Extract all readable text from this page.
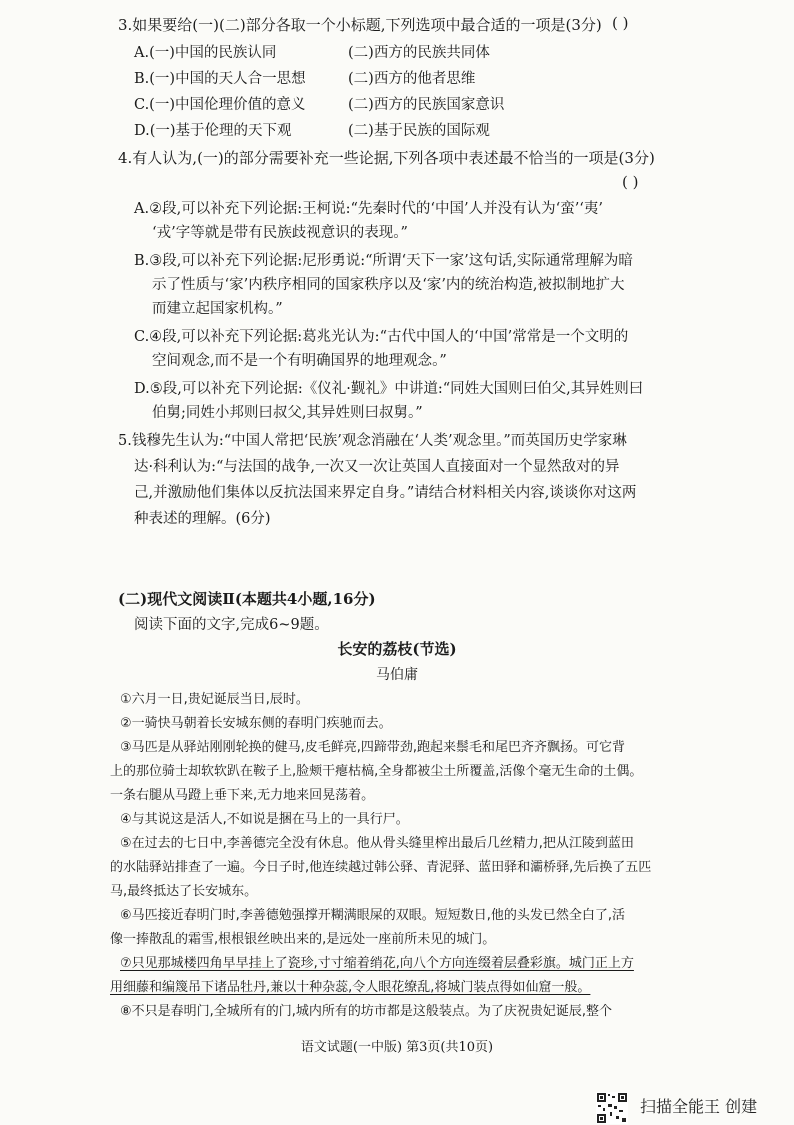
3.如果要给(一)(二)部分各取一个小标题,下列选项中最合适的一项是(3分) ( )
A.(一)中国的民族认同	(二)西方的民族共同体
B.(一)中国的天人合一思想	(二)西方的他者思维
C.(一)中国伦理价值的意义	(二)西方的民族国家意识
D.(一)基于伦理的天下观	(二)基于民族的国际观
4.有人认为,(一)的部分需要补充一些论据,下列各项中表述最不恰当的一项是(3分)
( )
A.②段,可以补充下列论据:王柯说:“先秦时代的‘中国’人并没有认为‘蛮’‘夷’
‘戎’字等就是带有民族歧视意识的表现。”
B.③段,可以补充下列论据:尼形勇说:“所谓‘天下一家’这句话,实际通常理解为暗
示了性质与‘家’内秩序相同的国家秩序以及‘家’内的统治构造,被拟制地扩大
而建立起国家机构。”
C.④段,可以补充下列论据:葛兆光认为:“古代中国人的‘中国’常常是一个文明的
空间观念,而不是一个有明确国界的地理观念。”
D.⑤段,可以补充下列论据:《仪礼·觐礼》中讲道:“同姓大国则曰伯父,其异姓则曰
伯舅;同姓小邦则曰叔父,其异姓则曰叔舅。”
5.钱穆先生认为:“中国人常把‘民族’观念消融在‘人类’观念里。”而英国历史学家琳
达·科利认为:“与法国的战争,一次又一次让英国人直接面对一个显然敌对的异
己,并激励他们集体以反抗法国来界定自身。”请结合材料相关内容,谈谈你对这两
种表述的理解。(6分)
(二)现代文阅读Ⅱ(本题共4小题,16分)
阅读下面的文字,完成6~9题。
长安的荔枝(节选)
马伯庸
①六月一日,贵妃诞辰当日,辰时。
②一骑快马朝着长安城东侧的春明门疾驰而去。
③马匹是从驿站刚刚轮换的健马,皮毛鲜亮,四蹄带劲,跑起来鬃毛和尾巴齐齐飘扬。可它背
上的那位骑士却软软趴在鞍子上,脸颊干瘪枯槁,全身都被尘土所覆盖,活像个毫无生命的土偶。
一条右腿从马蹬上垂下来,无力地来回晃荡着。
④与其说这是活人,不如说是捆在马上的一具行尸。
⑤在过去的七日中,李善德完全没有休息。他从骨头缝里榨出最后几丝精力,把从江陵到蓝田
的水陆驿站排查了一遍。今日子时,他连续越过韩公驿、青泥驿、蓝田驿和灞桥驿,先后换了五匹
马,最终抵达了长安城东。
⑥马匹接近春明门时,李善德勉强撑开糊满眼屎的双眼。短短数日,他的头发已然全白了,活
像一捧散乱的霜雪,根根银丝映出来的,是远处一座前所未见的城门。
⑦只见那城楼四角早早挂上了瓷珍,寸寸缩着绡花,向八个方向连缀着层叠彩旗。城门正上方
用细藤和编篾吊下诸品牡丹,兼以十种杂蕊,令人眼花缭乱,将城门装点得如仙窟一般。
⑧不只是春明门,全城所有的门,城内所有的坊市都是这般装点。为了庆祝贵妃诞辰,整个
语文试题(一中版) 第3页(共10页)
扫描全能王 创建
